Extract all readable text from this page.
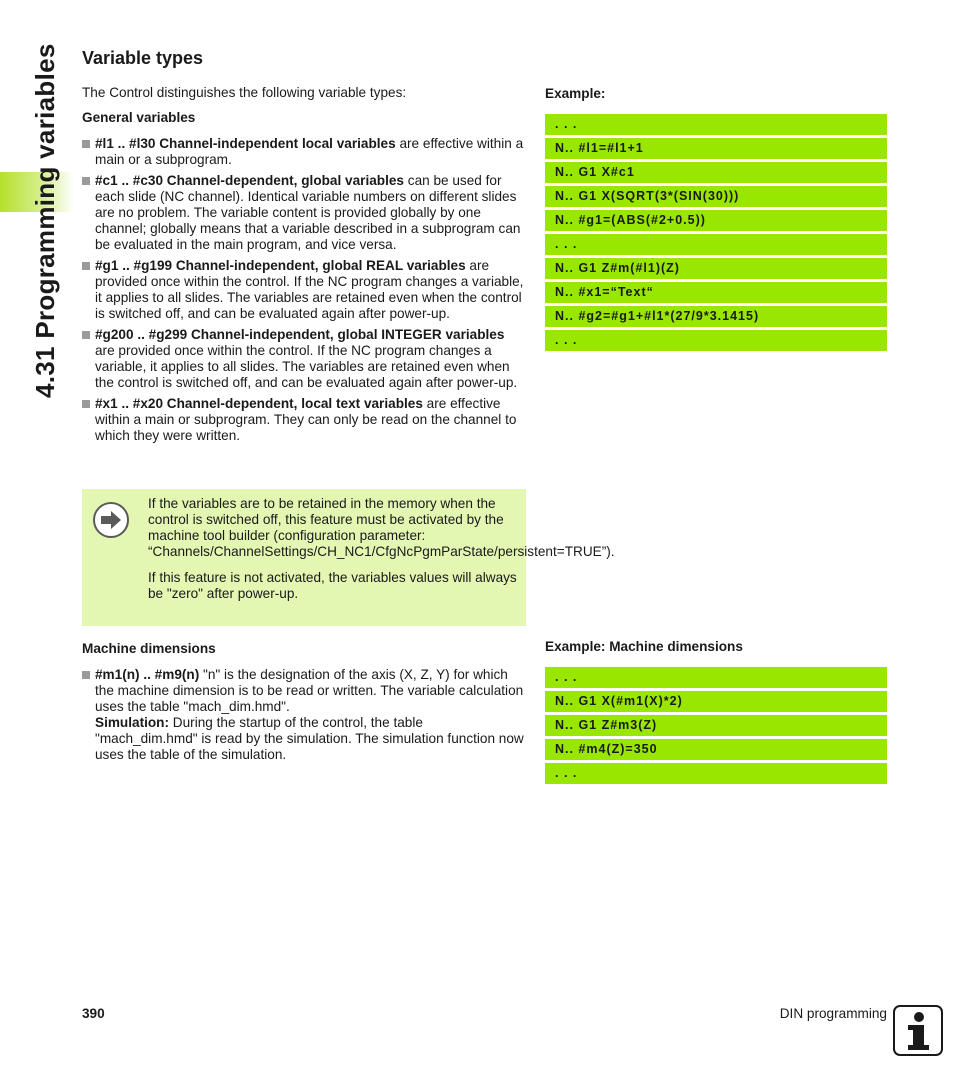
4.31 Programming variables Variable types
The Control distinguishes the following variable types:
General variables
#l1 .. #l30 Channel-independent local variables are effective within a main or a subprogram.
#c1 .. #c30 Channel-dependent, global variables can be used for each slide (NC channel). Identical variable numbers on different slides are no problem. The variable content is provided globally by one channel; globally means that a variable described in a subprogram can be evaluated in the main program, and vice versa.
#g1 .. #g199 Channel-independent, global REAL variables are provided once within the control. If the NC program changes a variable, it applies to all slides. The variables are retained even when the control is switched off, and can be evaluated again after power-up.
#g200 .. #g299 Channel-independent, global INTEGER variables are provided once within the control. If the NC program changes a variable, it applies to all slides. The variables are retained even when the control is switched off, and can be evaluated again after power-up.
#x1 .. #x20 Channel-dependent, local text variables are effective within a main or subprogram. They can only be read on the channel to which they were written.
If the variables are to be retained in the memory when the control is switched off, this feature must be activated by the machine tool builder (configuration parameter: “Channels/ChannelSettings/CH_NC1/CfgNcPgmParState/persistent=TRUE”).
If this feature is not activated, the variables values will always be "zero" after power-up.
Machine dimensions
#m1(n) .. #m9(n) "n" is the designation of the axis (X, Z, Y) for which the machine dimension is to be read or written. The variable calculation uses the table "mach_dim.hmd".
Simulation: During the startup of the control, the table "mach_dim.hmd" is read by the simulation. The simulation function now uses the table of the simulation.
Example:
. . .
N.. #l1=#l1+1
N.. G1 X#c1
N.. G1 X(SQRT(3*(SIN(30)))
N.. #g1=(ABS(#2+0.5))
. . .
N.. G1 Z#m(#l1)(Z)
N.. #x1=“Text“
N.. #g2=#g1+#l1*(27/9*3.1415)
. . .
Example: Machine dimensions
. . .
N.. G1 X(#m1(X)*2)
N.. G1 Z#m3(Z)
N.. #m4(Z)=350
. . .
390	DIN programming
